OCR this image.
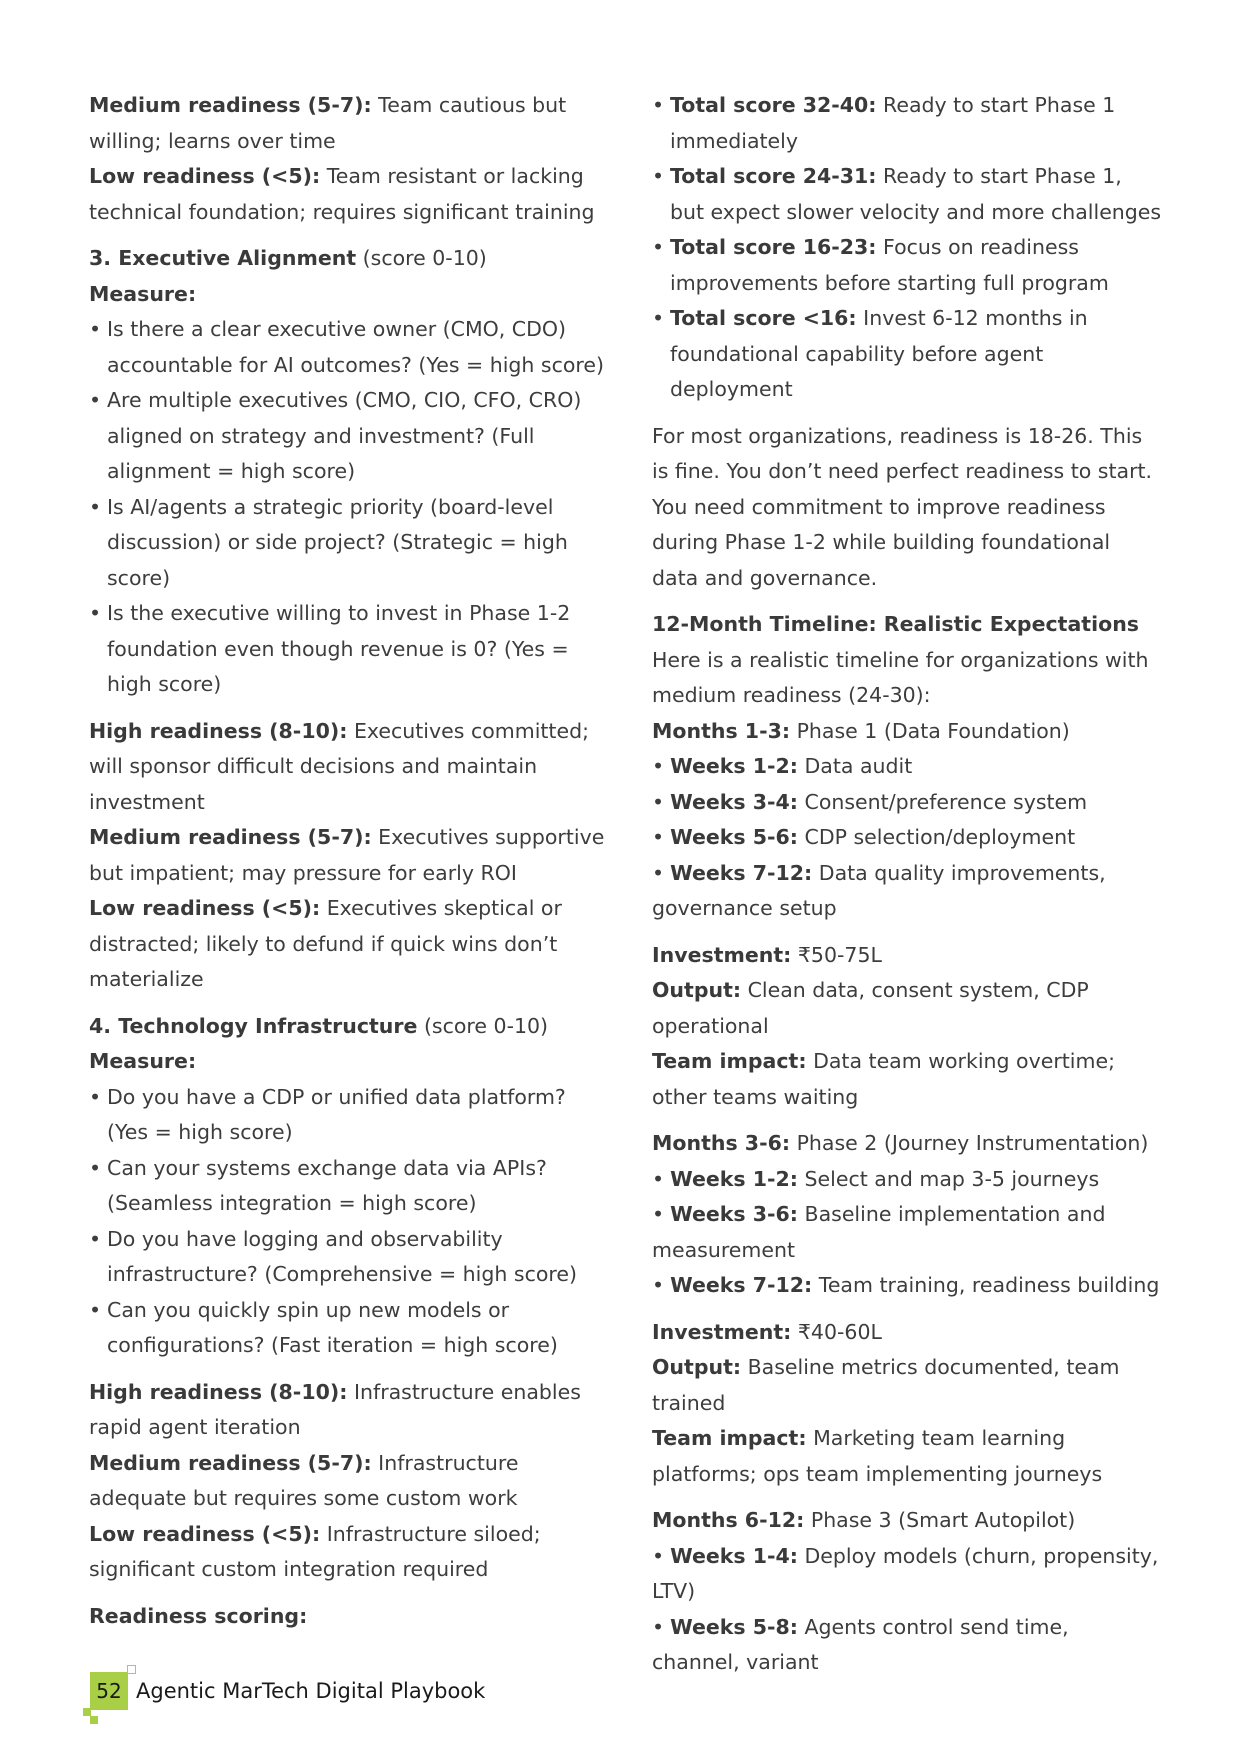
Medium readiness (5-7): Team cautious but willing; learns over time

Low readiness (<5): Team resistant or lacking technical foundation; requires significant training

3. Executive Alignment (score 0-10)

Measure:

• Is there a clear executive owner (CMO, CDO) accountable for AI outcomes? (Yes = high score)

• Are multiple executives (CMO, CIO, CFO, CRO) aligned on strategy and investment? (Full alignment = high score)

• Is AI/agents a strategic priority (board-level discussion) or side project? (Strategic = high score)

• Is the executive willing to invest in Phase 1-2 foundation even though revenue is 0? (Yes = high score)

High readiness (8-10): Executives committed; will sponsor difficult decisions and maintain investment

Medium readiness (5-7): Executives supportive but impatient; may pressure for early ROI

Low readiness (<5): Executives skeptical or distracted; likely to defund if quick wins don’t materialize

4. Technology Infrastructure (score 0-10)

Measure:

• Do you have a CDP or unified data platform? (Yes = high score)

• Can your systems exchange data via APIs? (Seamless integration = high score)

• Do you have logging and observability infrastructure? (Comprehensive = high score)

• Can you quickly spin up new models or configurations? (Fast iteration = high score)

High readiness (8-10): Infrastructure enables rapid agent iteration

Medium readiness (5-7): Infrastructure adequate but requires some custom work

Low readiness (<5): Infrastructure siloed; significant custom integration required

Readiness scoring:

• Total score 32-40: Ready to start Phase 1 immediately

• Total score 24-31: Ready to start Phase 1, but expect slower velocity and more challenges

• Total score 16-23: Focus on readiness improvements before starting full program

• Total score <16: Invest 6-12 months in foundational capability before agent deployment

For most organizations, readiness is 18-26. This is fine. You don’t need perfect readiness to start. You need commitment to improve readiness during Phase 1-2 while building foundational data and governance.

12-Month Timeline: Realistic Expectations

Here is a realistic timeline for organizations with medium readiness (24-30):

Months 1-3: Phase 1 (Data Foundation)

• Weeks 1-2: Data audit

• Weeks 3-4: Consent/preference system

• Weeks 5-6: CDP selection/deployment

• Weeks 7-12: Data quality improvements, governance setup

Investment: ₹50-75L

Output: Clean data, consent system, CDP operational

Team impact: Data team working overtime; other teams waiting

Months 3-6: Phase 2 (Journey Instrumentation)

• Weeks 1-2: Select and map 3-5 journeys

• Weeks 3-6: Baseline implementation and measurement

• Weeks 7-12: Team training, readiness building

Investment: ₹40-60L

Output: Baseline metrics documented, team trained

Team impact: Marketing team learning platforms; ops team implementing journeys

Months 6-12: Phase 3 (Smart Autopilot)

• Weeks 1-4: Deploy models (churn, propensity, LTV)

• Weeks 5-8: Agents control send time, channel, variant

52 Agentic MarTech Digital Playbook
